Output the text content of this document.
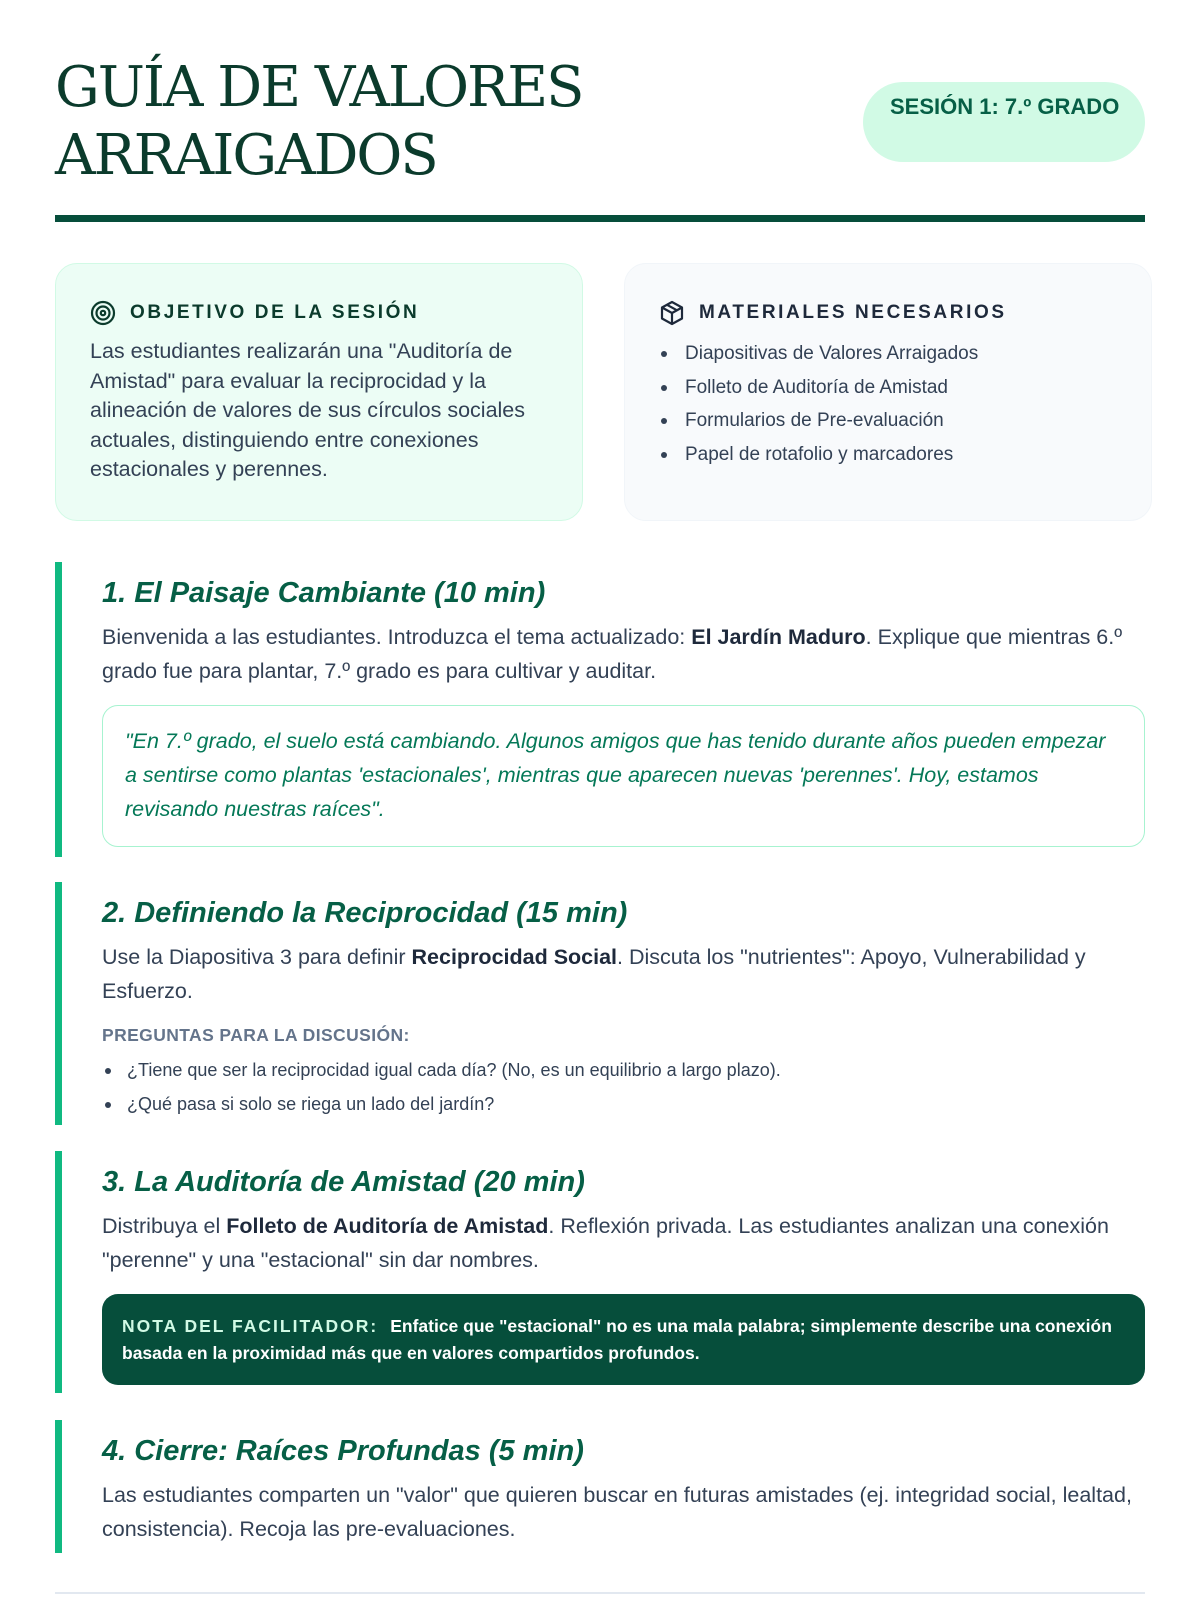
GUÍA DE VALORES ARRAIGADOS
SESIÓN 1: 7.º GRADO
OBJETIVO DE LA SESIÓN

Las estudiantes realizarán una "Auditoría de Amistad" para evaluar la reciprocidad y la alineación de valores de sus círculos sociales actuales, distinguiendo entre conexiones estacionales y perennes.

MATERIALES NECESARIOS
Diapositivas de Valores Arraigados
Folleto de Auditoría de Amistad
Formularios de Pre-evaluación
Papel de rotafolio y marcadores
1. El Paisaje Cambiante (10 min)

Bienvenida a las estudiantes. Introduzca el tema actualizado: El Jardín Maduro. Explique que mientras 6.º grado fue para plantar, 7.º grado es para cultivar y auditar.

"En 7.º grado, el suelo está cambiando. Algunos amigos que has tenido durante años pueden empezar a sentirse como plantas 'estacionales', mientras que aparecen nuevas 'perennes'. Hoy, estamos revisando nuestras raíces".
2. Definiendo la Reciprocidad (15 min)

Use la Diapositiva 3 para definir Reciprocidad Social. Discuta los "nutrientes": Apoyo, Vulnerabilidad y Esfuerzo.

PREGUNTAS PARA LA DISCUSIÓN:
¿Tiene que ser la reciprocidad igual cada día? (No, es un equilibrio a largo plazo).
¿Qué pasa si solo se riega un lado del jardín?
3. La Auditoría de Amistad (20 min)

Distribuya el Folleto de Auditoría de Amistad. Reflexión privada. Las estudiantes analizan una conexión "perenne" y una "estacional" sin dar nombres.

NOTA DEL FACILITADOR: Enfatice que "estacional" no es una mala palabra; simplemente describe una conexión basada en la proximidad más que en valores compartidos profundos.
4. Cierre: Raíces Profundas (5 min)

Las estudiantes comparten un "valor" que quieren buscar en futuras amistades (ej. integridad social, lealtad, consistencia). Recoja las pre-evaluaciones.
